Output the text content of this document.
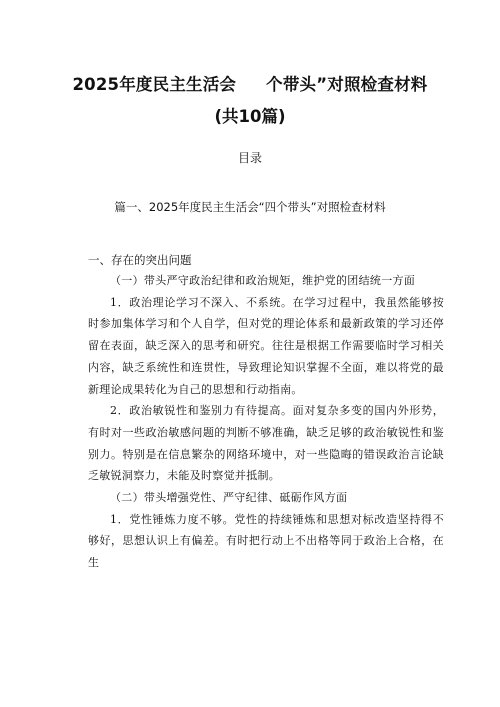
2025年度民主生活会 个带头”对照检查材料
(共10篇)
目录
篇一、2025年度民主生活会“四个带头”对照检查材料
一、存在的突出问题

（一）带头严守政治纪律和政治规矩，维护党的团结统一方面

1．政治理论学习不深入、不系统。在学习过程中，我虽然能够按时参加集体学习和个人自学，但对党的理论体系和最新政策的学习还停留在表面，缺乏深入的思考和研究。往往是根据工作需要临时学习相关内容，缺乏系统性和连贯性，导致理论知识掌握不全面，难以将党的最新理论成果转化为自己的思想和行动指南。

2．政治敏锐性和鉴别力有待提高。面对复杂多变的国内外形势，有时对一些政治敏感问题的判断不够准确，缺乏足够的政治敏锐性和鉴别力。特别是在信息繁杂的网络环境中，对一些隐晦的错误政治言论缺乏敏锐洞察力，未能及时察觉并抵制。

（二）带头增强党性、严守纪律、砥砺作风方面

1．党性锤炼力度不够。党性的持续锤炼和思想对标改造坚持得不够好，思想认识上有偏差。有时把行动上不出格等同于政治上合格，在生
